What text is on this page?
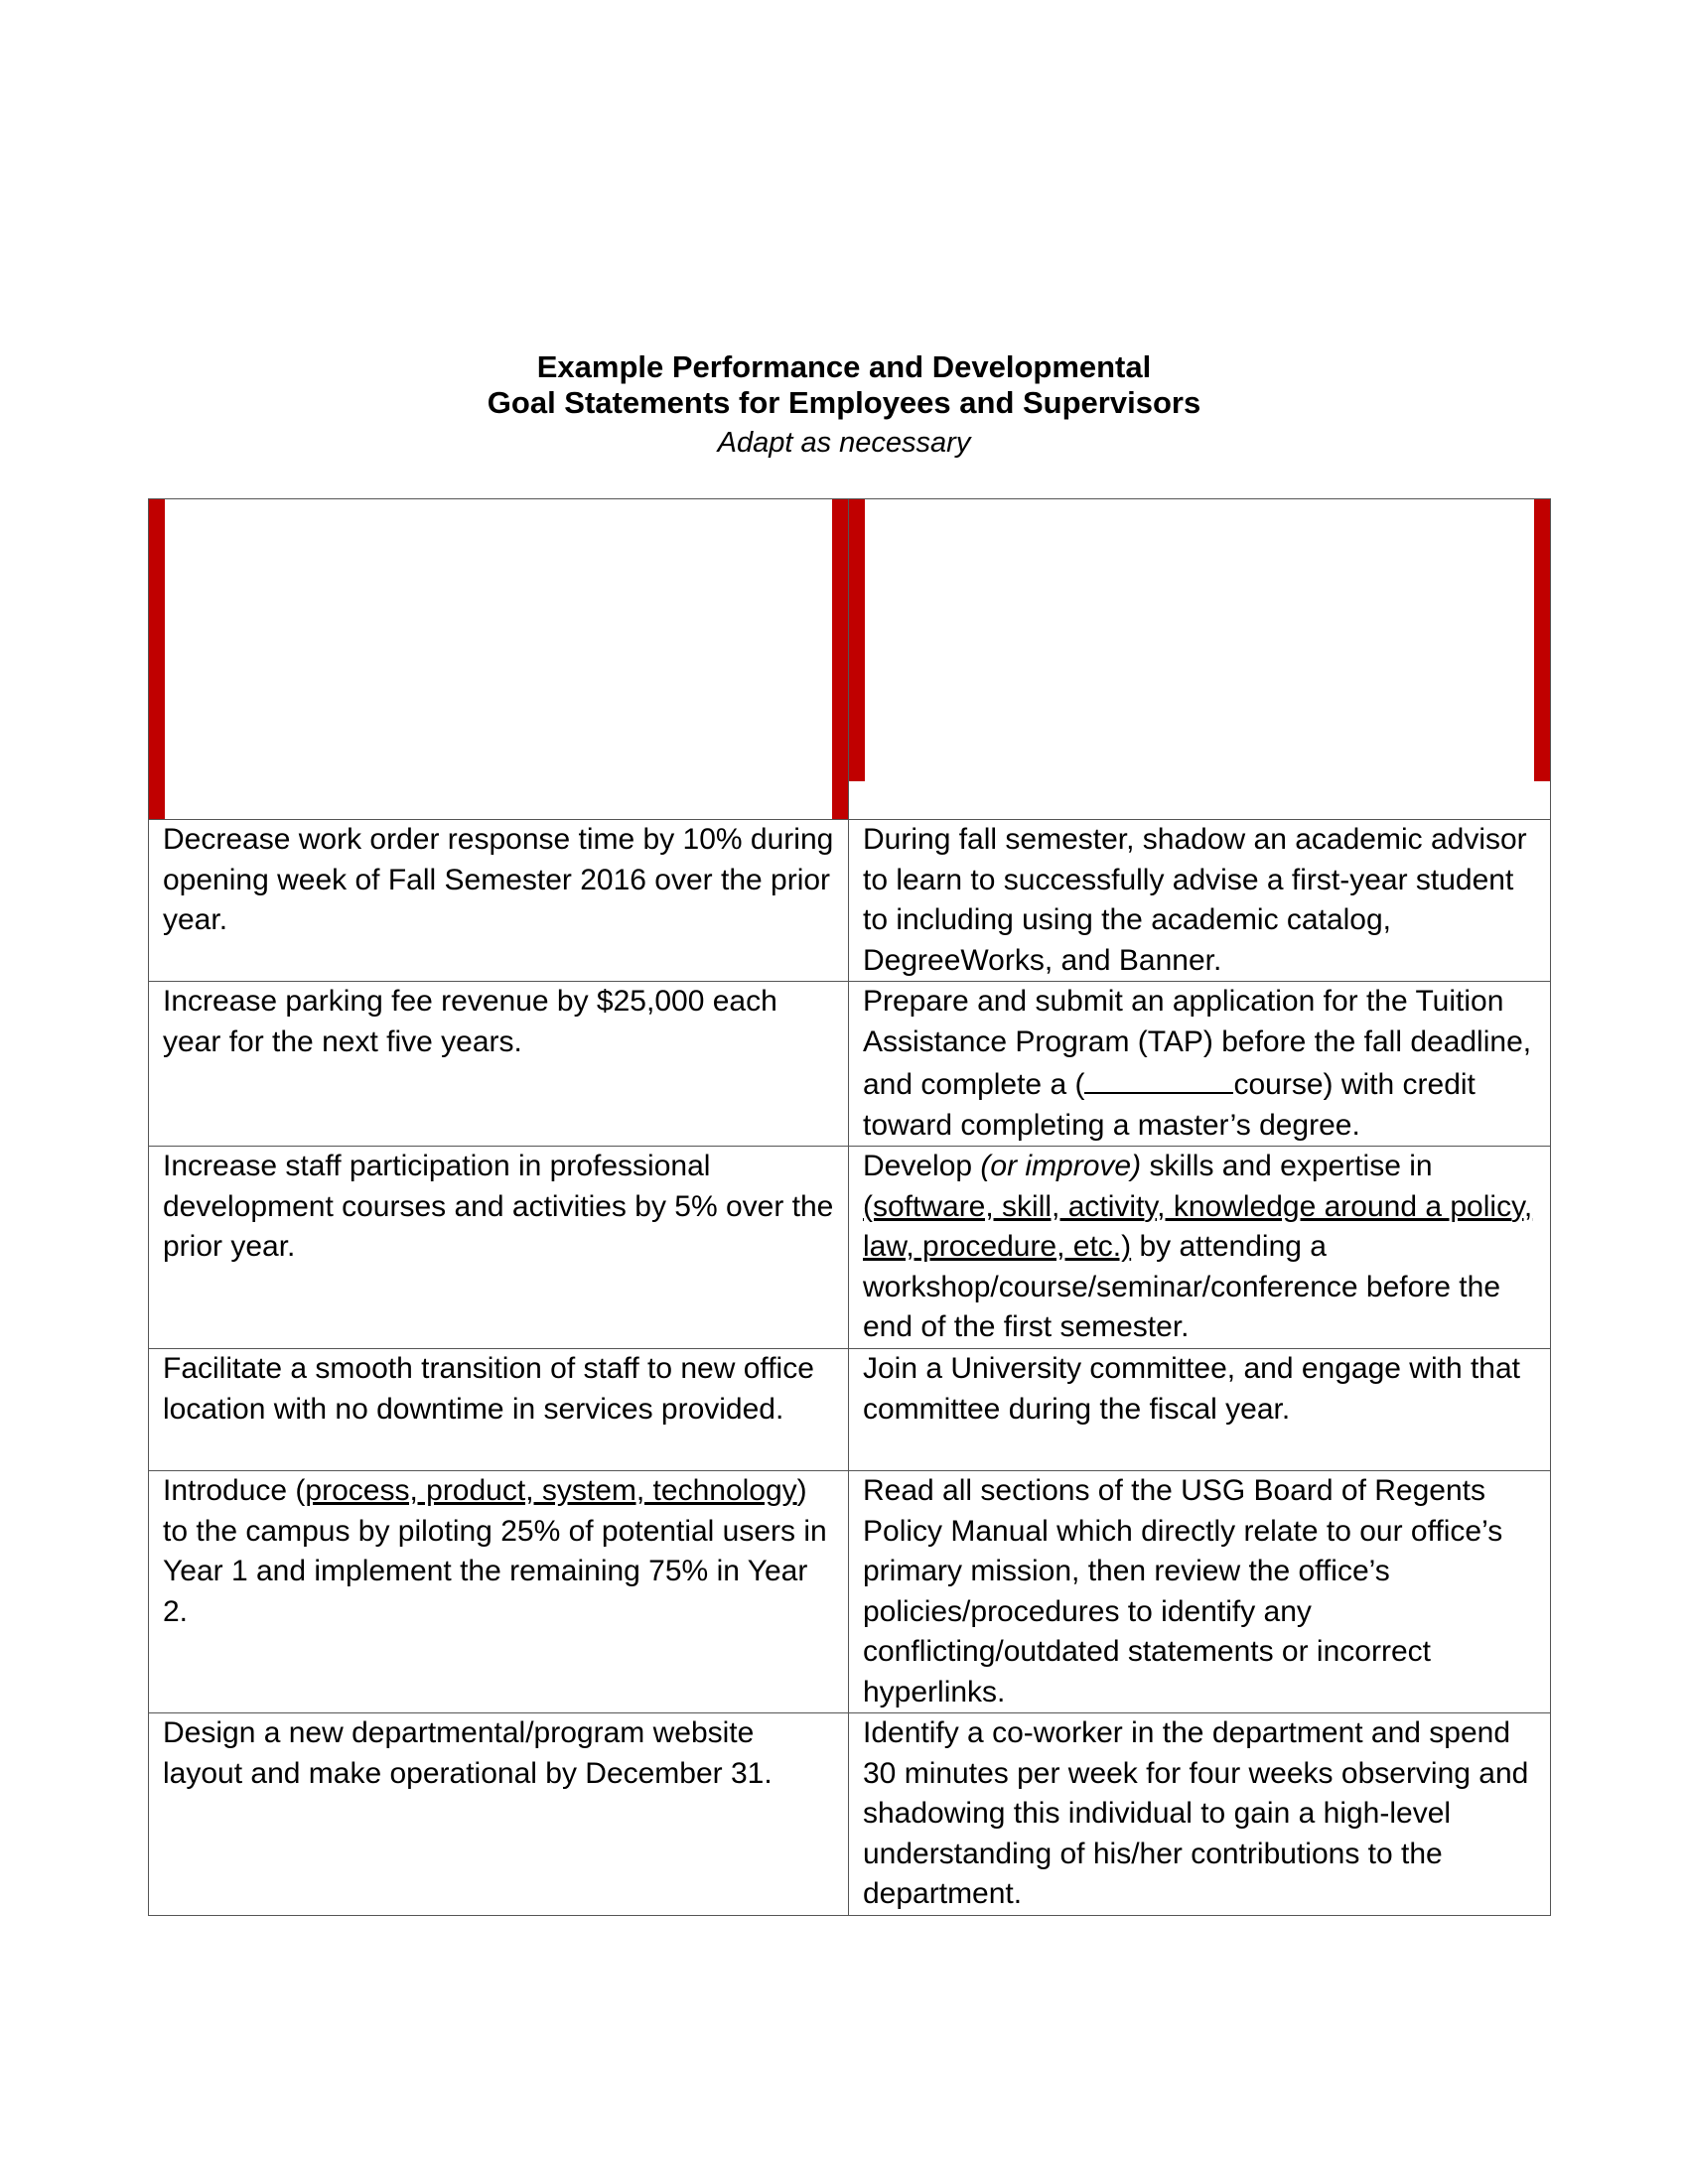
Example Performance and Developmental
Goal Statements for Employees and Supervisors
Adapt as necessary

Decrease work order response time by 10% during opening week of Fall Semester 2016 over the prior year.	During fall semester, shadow an academic advisor to learn to successfully advise a first-year student to including using the academic catalog, DegreeWorks, and Banner.
Increase parking fee revenue by $25,000 each year for the next five years.	Prepare and submit an application for the Tuition Assistance Program (TAP) before the fall deadline, and complete a ( course) with credit toward completing a master’s degree.
Increase staff participation in professional development courses and activities by 5% over the prior year.	Develop (or improve) skills and expertise in (software, skill, activity, knowledge around a policy, law, procedure, etc.) by attending a workshop/course/seminar/conference before the end of the first semester.
Facilitate a smooth transition of staff to new office location with no downtime in services provided.	Join a University committee, and engage with that committee during the fiscal year.
Introduce (process, product, system, technology) to the campus by piloting 25% of potential users in Year 1 and implement the remaining 75% in Year 2.	Read all sections of the USG Board of Regents Policy Manual which directly relate to our office’s primary mission, then review the office’s policies/procedures to identify any conflicting/outdated statements or incorrect hyperlinks.
Design a new departmental/program website layout and make operational by December 31.	Identify a co-worker in the department and spend 30 minutes per week for four weeks observing and shadowing this individual to gain a high-level understanding of his/her contributions to the department.
